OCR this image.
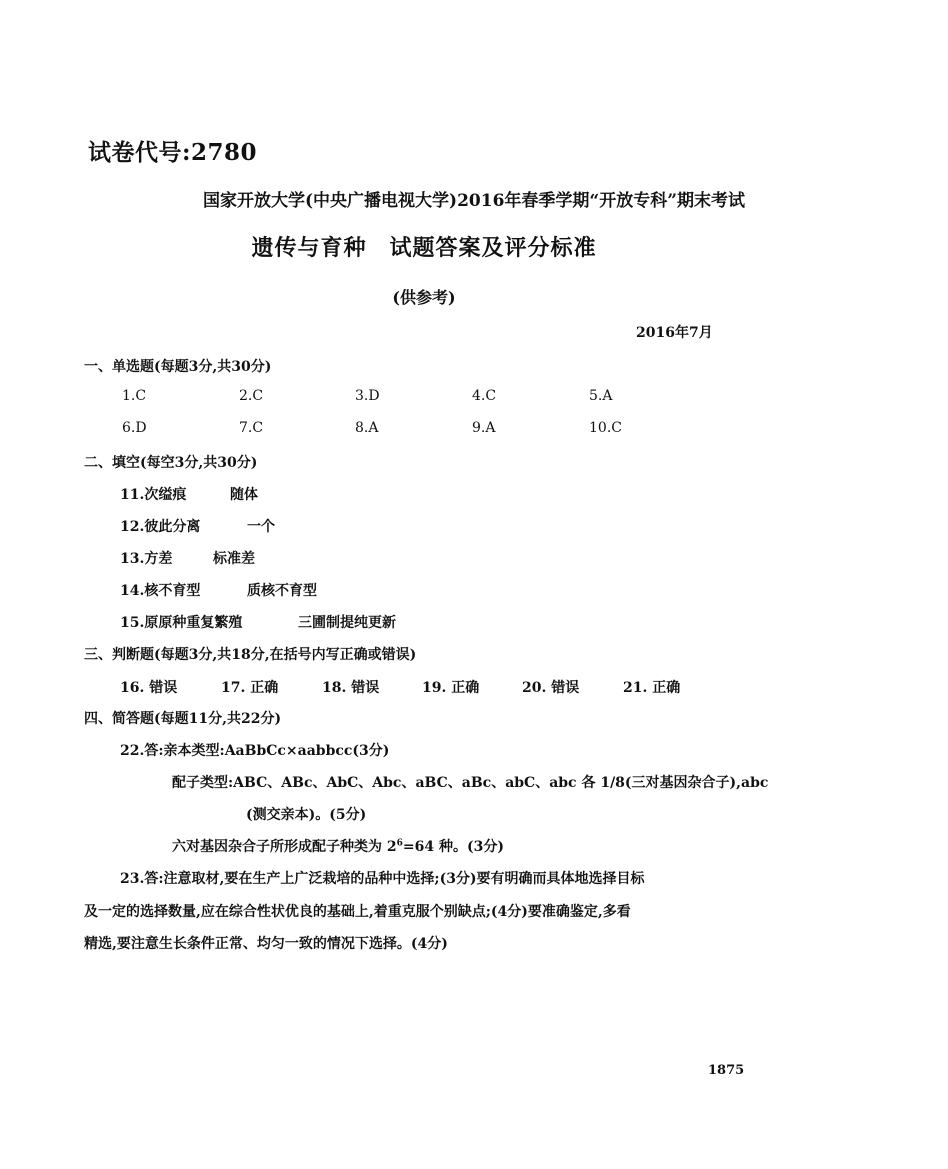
试卷代号:2780
国家开放大学(中央广播电视大学)2016年春季学期“开放专科”期末考试
遗传与育种　试题答案及评分标准
(供参考)
2016年7月
一、单选题(每题3分,共30分)
1.C	2.C	3.D	4.C	5.A
6.D	7.C	8.A	9.A	10.C
二、填空(每空3分,共30分)
11.次缢痕	随体
12.彼此分离	一个
13.方差	标准差
14.核不育型	质核不育型
15.原原种重复繁殖	三圃制提纯更新
三、判断题(每题3分,共18分,在括号内写正确或错误)
16. 错误	17. 正确	18. 错误	19. 正确	20. 错误	21. 正确
四、简答题(每题11分,共22分)
22.答:亲本类型:AaBbCc×aabbcc(3分)
配子类型:ABC、ABc、AbC、Abc、aBC、aBc、abC、abc 各 1/8(三对基因杂合子),abc
(测交亲本)。(5分)
六对基因杂合子所形成配子种类为 $2^6=64$ 种。(3分)
23.答:注意取材,要在生产上广泛栽培的品种中选择;(3分)要有明确而具体地选择目标
及一定的选择数量,应在综合性状优良的基础上,着重克服个别缺点;(4分)要准确鉴定,多看
精选,要注意生长条件正常、均匀一致的情况下选择。(4分)
1875
